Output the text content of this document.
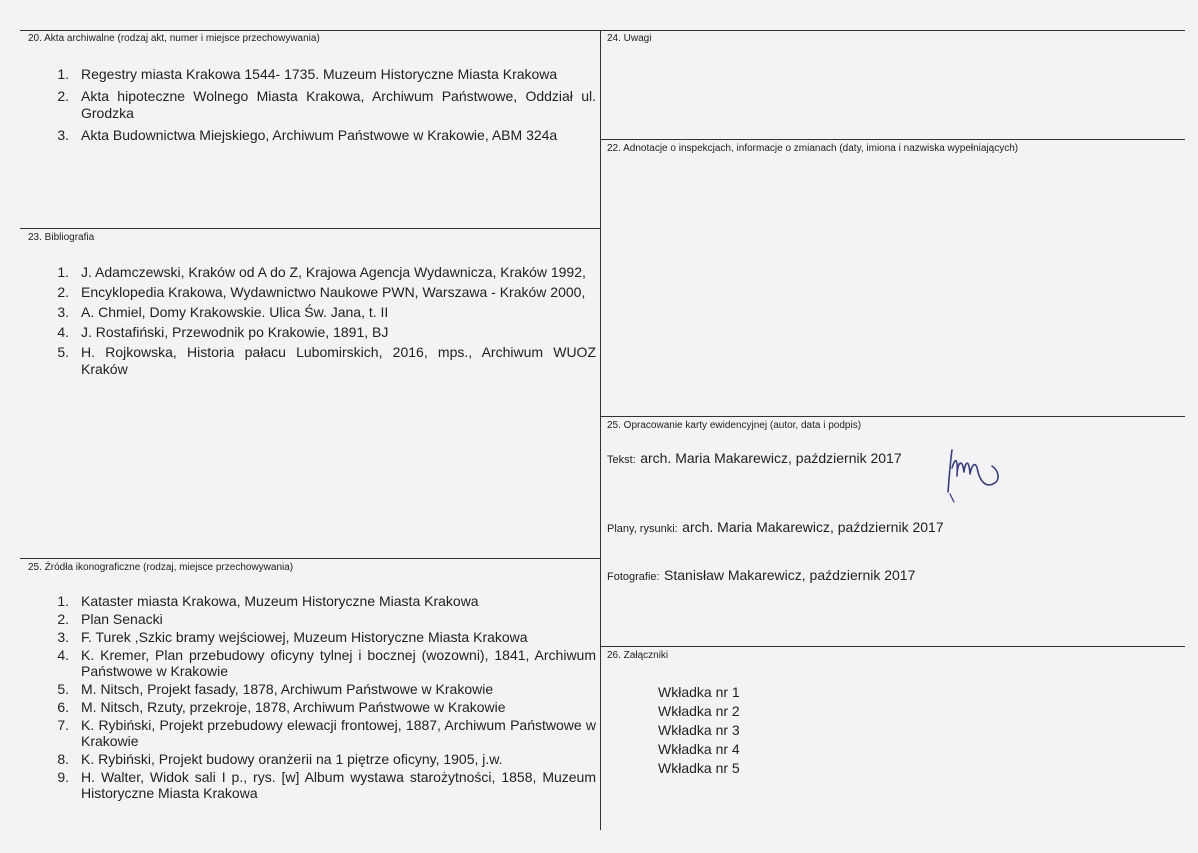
20. Akta archiwalne (rodzaj akt, numer i miejsce przechowywania)
1. Regestry miasta Krakowa 1544- 1735. Muzeum Historyczne Miasta Krakowa
2. Akta hipoteczne Wolnego Miasta Krakowa, Archiwum Państwowe, Oddział ul. Grodzka
3. Akta Budownictwa Miejskiego, Archiwum Państwowe w Krakowie, ABM 324a
23. Bibliografia
1. J. Adamczewski, Kraków od A do Z, Krajowa Agencja Wydawnicza, Kraków 1992,
2. Encyklopedia Krakowa, Wydawnictwo Naukowe PWN, Warszawa - Kraków 2000,
3. A. Chmiel, Domy Krakowskie. Ulica Św. Jana, t. II
4. J. Rostafiński, Przewodnik po Krakowie, 1891, BJ
5. H. Rojkowska, Historia pałacu Lubomirskich, 2016, mps., Archiwum WUOZ Kraków
25. Źródła ikonograficzne (rodzaj, miejsce przechowywania)
1. Kataster miasta Krakowa, Muzeum Historyczne Miasta Krakowa
2. Plan Senacki
3. F. Turek ,Szkic bramy wejściowej, Muzeum Historyczne Miasta Krakowa
4. K. Kremer, Plan przebudowy oficyny tylnej i bocznej (wozowni), 1841, Archiwum Państwowe w Krakowie
5. M. Nitsch, Projekt fasady, 1878, Archiwum Państwowe w Krakowie
6. M. Nitsch, Rzuty, przekroje, 1878, Archiwum Państwowe w Krakowie
7. K. Rybiński, Projekt przebudowy elewacji frontowej, 1887, Archiwum Państwowe w Krakowie
8. K. Rybiński, Projekt budowy oranżerii na 1 piętrze oficyny, 1905, j.w.
9. H. Walter, Widok sali I p., rys. [w] Album wystawa starożytności, 1858, Muzeum Historyczne Miasta Krakowa
24. Uwagi
22. Adnotacje o inspekcjach, informacje o zmianach (daty, imiona i nazwiska wypełniających)
25. Opracowanie karty ewidencyjnej (autor, data i podpis)
Tekst: arch. Maria Makarewicz, październik 2017
Plany, rysunki: arch. Maria Makarewicz, październik 2017
Fotografie: Stanisław Makarewicz, październik 2017
26. Załączniki
Wkładka nr 1
Wkładka nr 2
Wkładka nr 3
Wkładka nr 4
Wkładka nr 5
